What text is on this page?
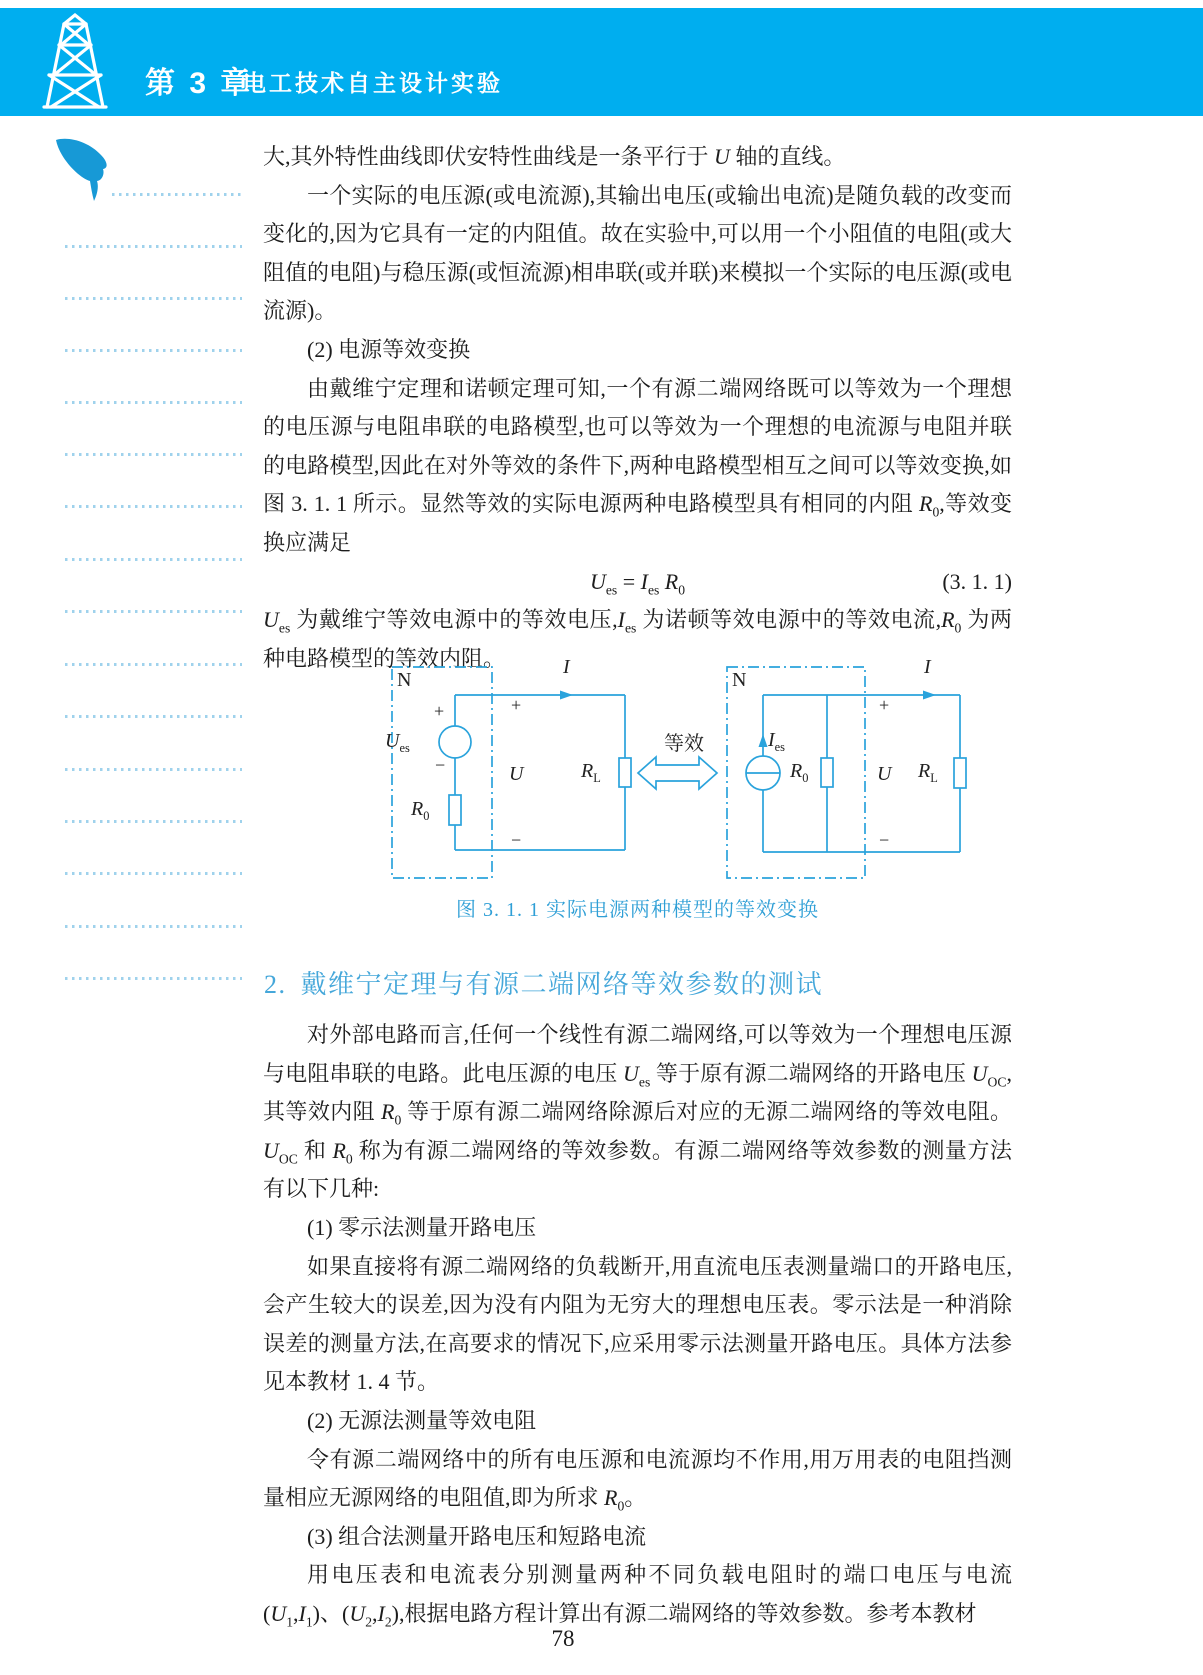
第 3 章
电工技术自主设计实验

大,其外特性曲线即伏安特性曲线是一条平行于 U 轴的直线。

一个实际的电压源(或电流源),其输出电压(或输出电流)是随负载的改变而变化的,因为它具有一定的内阻值。故在实验中,可以用一个小阻值的电阻(或大阻值的电阻)与稳压源(或恒流源)相串联(或并联)来模拟一个实际的电压源(或电流源)。

(2) 电源等效变换

由戴维宁定理和诺顿定理可知,一个有源二端网络既可以等效为一个理想的电压源与电阻串联的电路模型,也可以等效为一个理想的电流源与电阻并联的电路模型,因此在对外等效的条件下,两种电路模型相互之间可以等效变换,如图 3. 1. 1 所示。显然等效的实际电源两种电路模型具有相同的内阻 $R_0$,等效变换应满足

$U_{es} = I_{es}$ $R_0$	(3. 1. 1)

$U_{es}$ 为戴维宁等效电源中的等效电压$,I_{es}$ 为诺顿等效电源中的等效电流$,R_0$ 为两种电路模型的等效内阻。

N
I
+
−
$U_{es}$
$R_0$
+
U
−
$R_L$
等效
N
I
$I_{es}$
$R_0$
+
U
−
$R_L$
图 3. 1. 1 实际电源两种模型的等效变换
2. 戴维宁定理与有源二端网络等效参数的测试

对外部电路而言,任何一个线性有源二端网络,可以等效为一个理想电压源与电阻串联的电路。此电压源的电压 $U_{es}$ 等于原有源二端网络的开路电压 $U_{OC}$,其等效内阻 $R_0$ 等于原有源二端网络除源后对应的无源二端网络的等效电阻。$U_{OC}$ 和 $R_0$ 称为有源二端网络的等效参数。有源二端网络等效参数的测量方法有以下几种:

(1) 零示法测量开路电压

如果直接将有源二端网络的负载断开,用直流电压表测量端口的开路电压,会产生较大的误差,因为没有内阻为无穷大的理想电压表。零示法是一种消除误差的测量方法,在高要求的情况下,应采用零示法测量开路电压。具体方法参见本教材 1. 4 节。

(2) 无源法测量等效电阻

令有源二端网络中的所有电压源和电流源均不作用,用万用表的电阻挡测量相应无源网络的电阻值,即为所求 $R_0$。

(3) 组合法测量开路电压和短路电流

用电压表和电流表分别测量两种不同负载电阻时的端口电压与电流$(U_1,I_1)$、$(U_2,I_2)$,根据电路方程计算出有源二端网络的等效参数。参考本教材

78
